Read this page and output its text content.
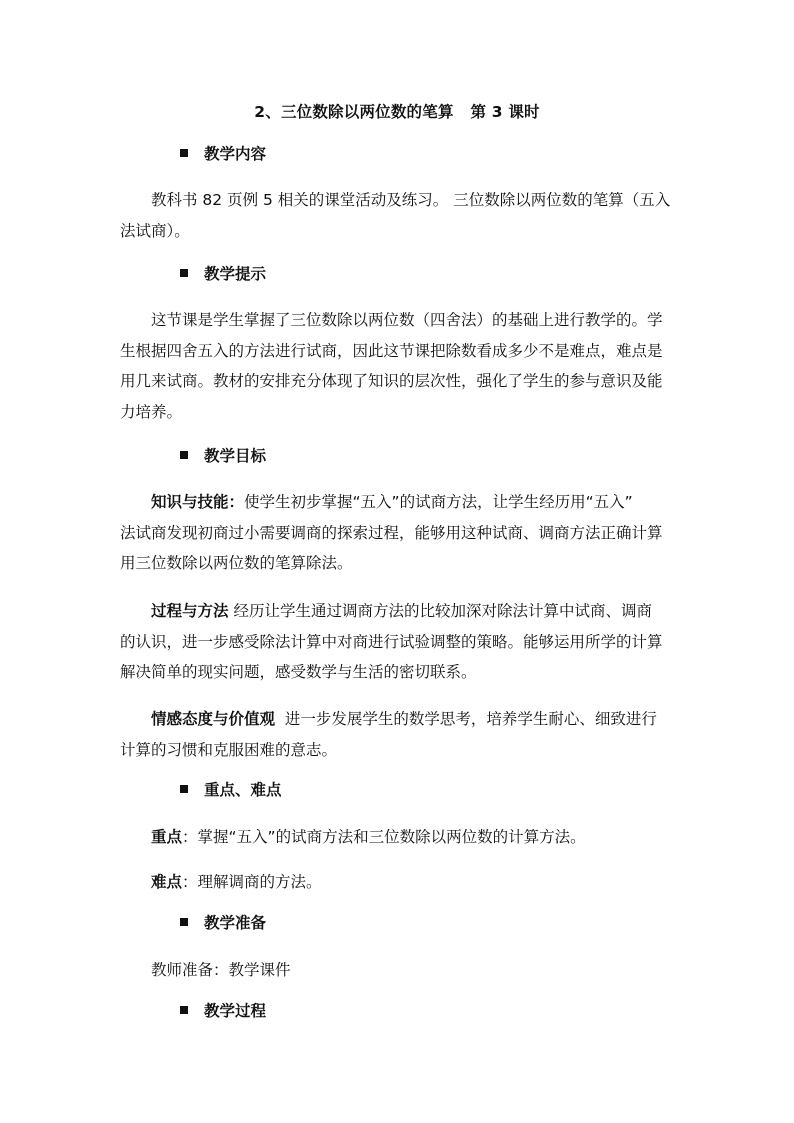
2、三位数除以两位数的笔算   第 3 课时
教学内容
教科书 82 页例 5 相关的课堂活动及练习。 三位数除以两位数的笔算（五入
法试商）。
教学提示
这节课是学生掌握了三位数除以两位数（四舍法）的基础上进行教学的。学
生根据四舍五入的方法进行试商，因此这节课把除数看成多少不是难点，难点是
用几来试商。教材的安排充分体现了知识的层次性，强化了学生的参与意识及能
力培养。
教学目标
知识与技能：使学生初步掌握“五入”的试商方法，让学生经历用“五入”
法试商发现初商过小需要调商的探索过程，能够用这种试商、调商方法正确计算
用三位数除以两位数的笔算除法。
过程与方法 经历让学生通过调商方法的比较加深对除法计算中试商、调商
的认识，进一步感受除法计算中对商进行试验调整的策略。能够运用所学的计算
解决简单的现实问题，感受数学与生活的密切联系。
情感态度与价值观  进一步发展学生的数学思考，培养学生耐心、细致进行
计算的习惯和克服困难的意志。
重点、难点
重点：掌握“五入”的试商方法和三位数除以两位数的计算方法。
难点：理解调商的方法。
教学准备
教师准备：教学课件
教学过程
